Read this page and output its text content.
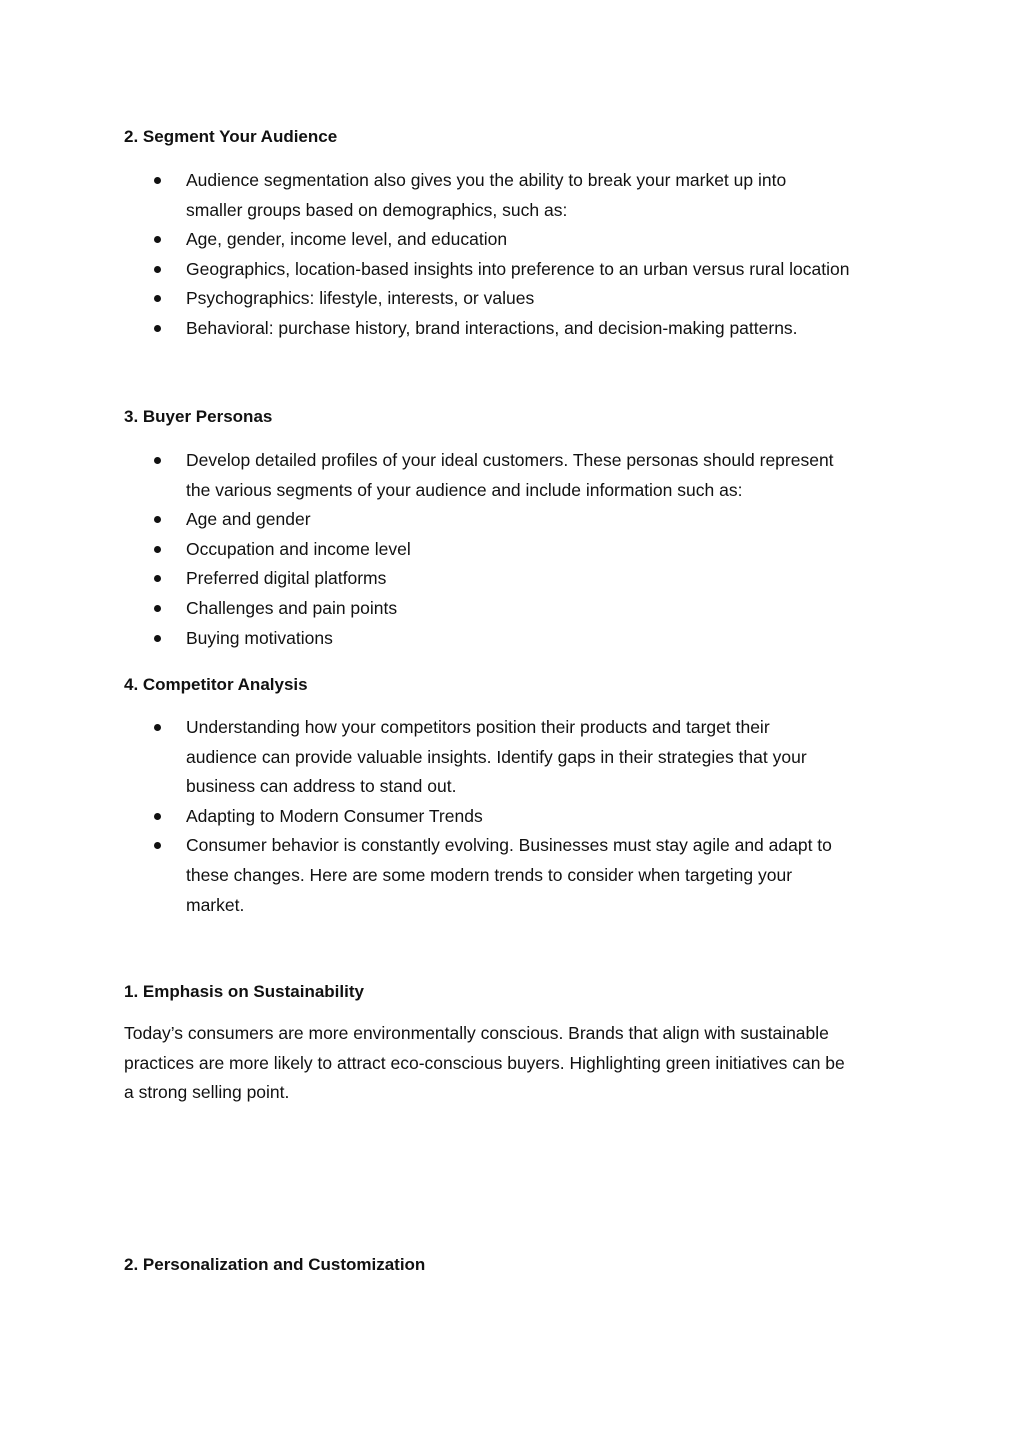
2. Segment Your Audience
Audience segmentation also gives you the ability to break your market up into
smaller groups based on demographics, such as:
Age, gender, income level, and education
Geographics, location-based insights into preference to an urban versus rural location
Psychographics: lifestyle, interests, or values
Behavioral: purchase history, brand interactions, and decision-making patterns.
3. Buyer Personas
Develop detailed profiles of your ideal customers. These personas should represent
the various segments of your audience and include information such as:
Age and gender
Occupation and income level
Preferred digital platforms
Challenges and pain points
Buying motivations
4. Competitor Analysis
Understanding how your competitors position their products and target their
audience can provide valuable insights. Identify gaps in their strategies that your
business can address to stand out.
Adapting to Modern Consumer Trends
Consumer behavior is constantly evolving. Businesses must stay agile and adapt to
these changes. Here are some modern trends to consider when targeting your
market.
1. Emphasis on Sustainability

Today’s consumers are more environmentally conscious. Brands that align with sustainable
practices are more likely to attract eco-conscious buyers. Highlighting green initiatives can be
a strong selling point.

2. Personalization and Customization
